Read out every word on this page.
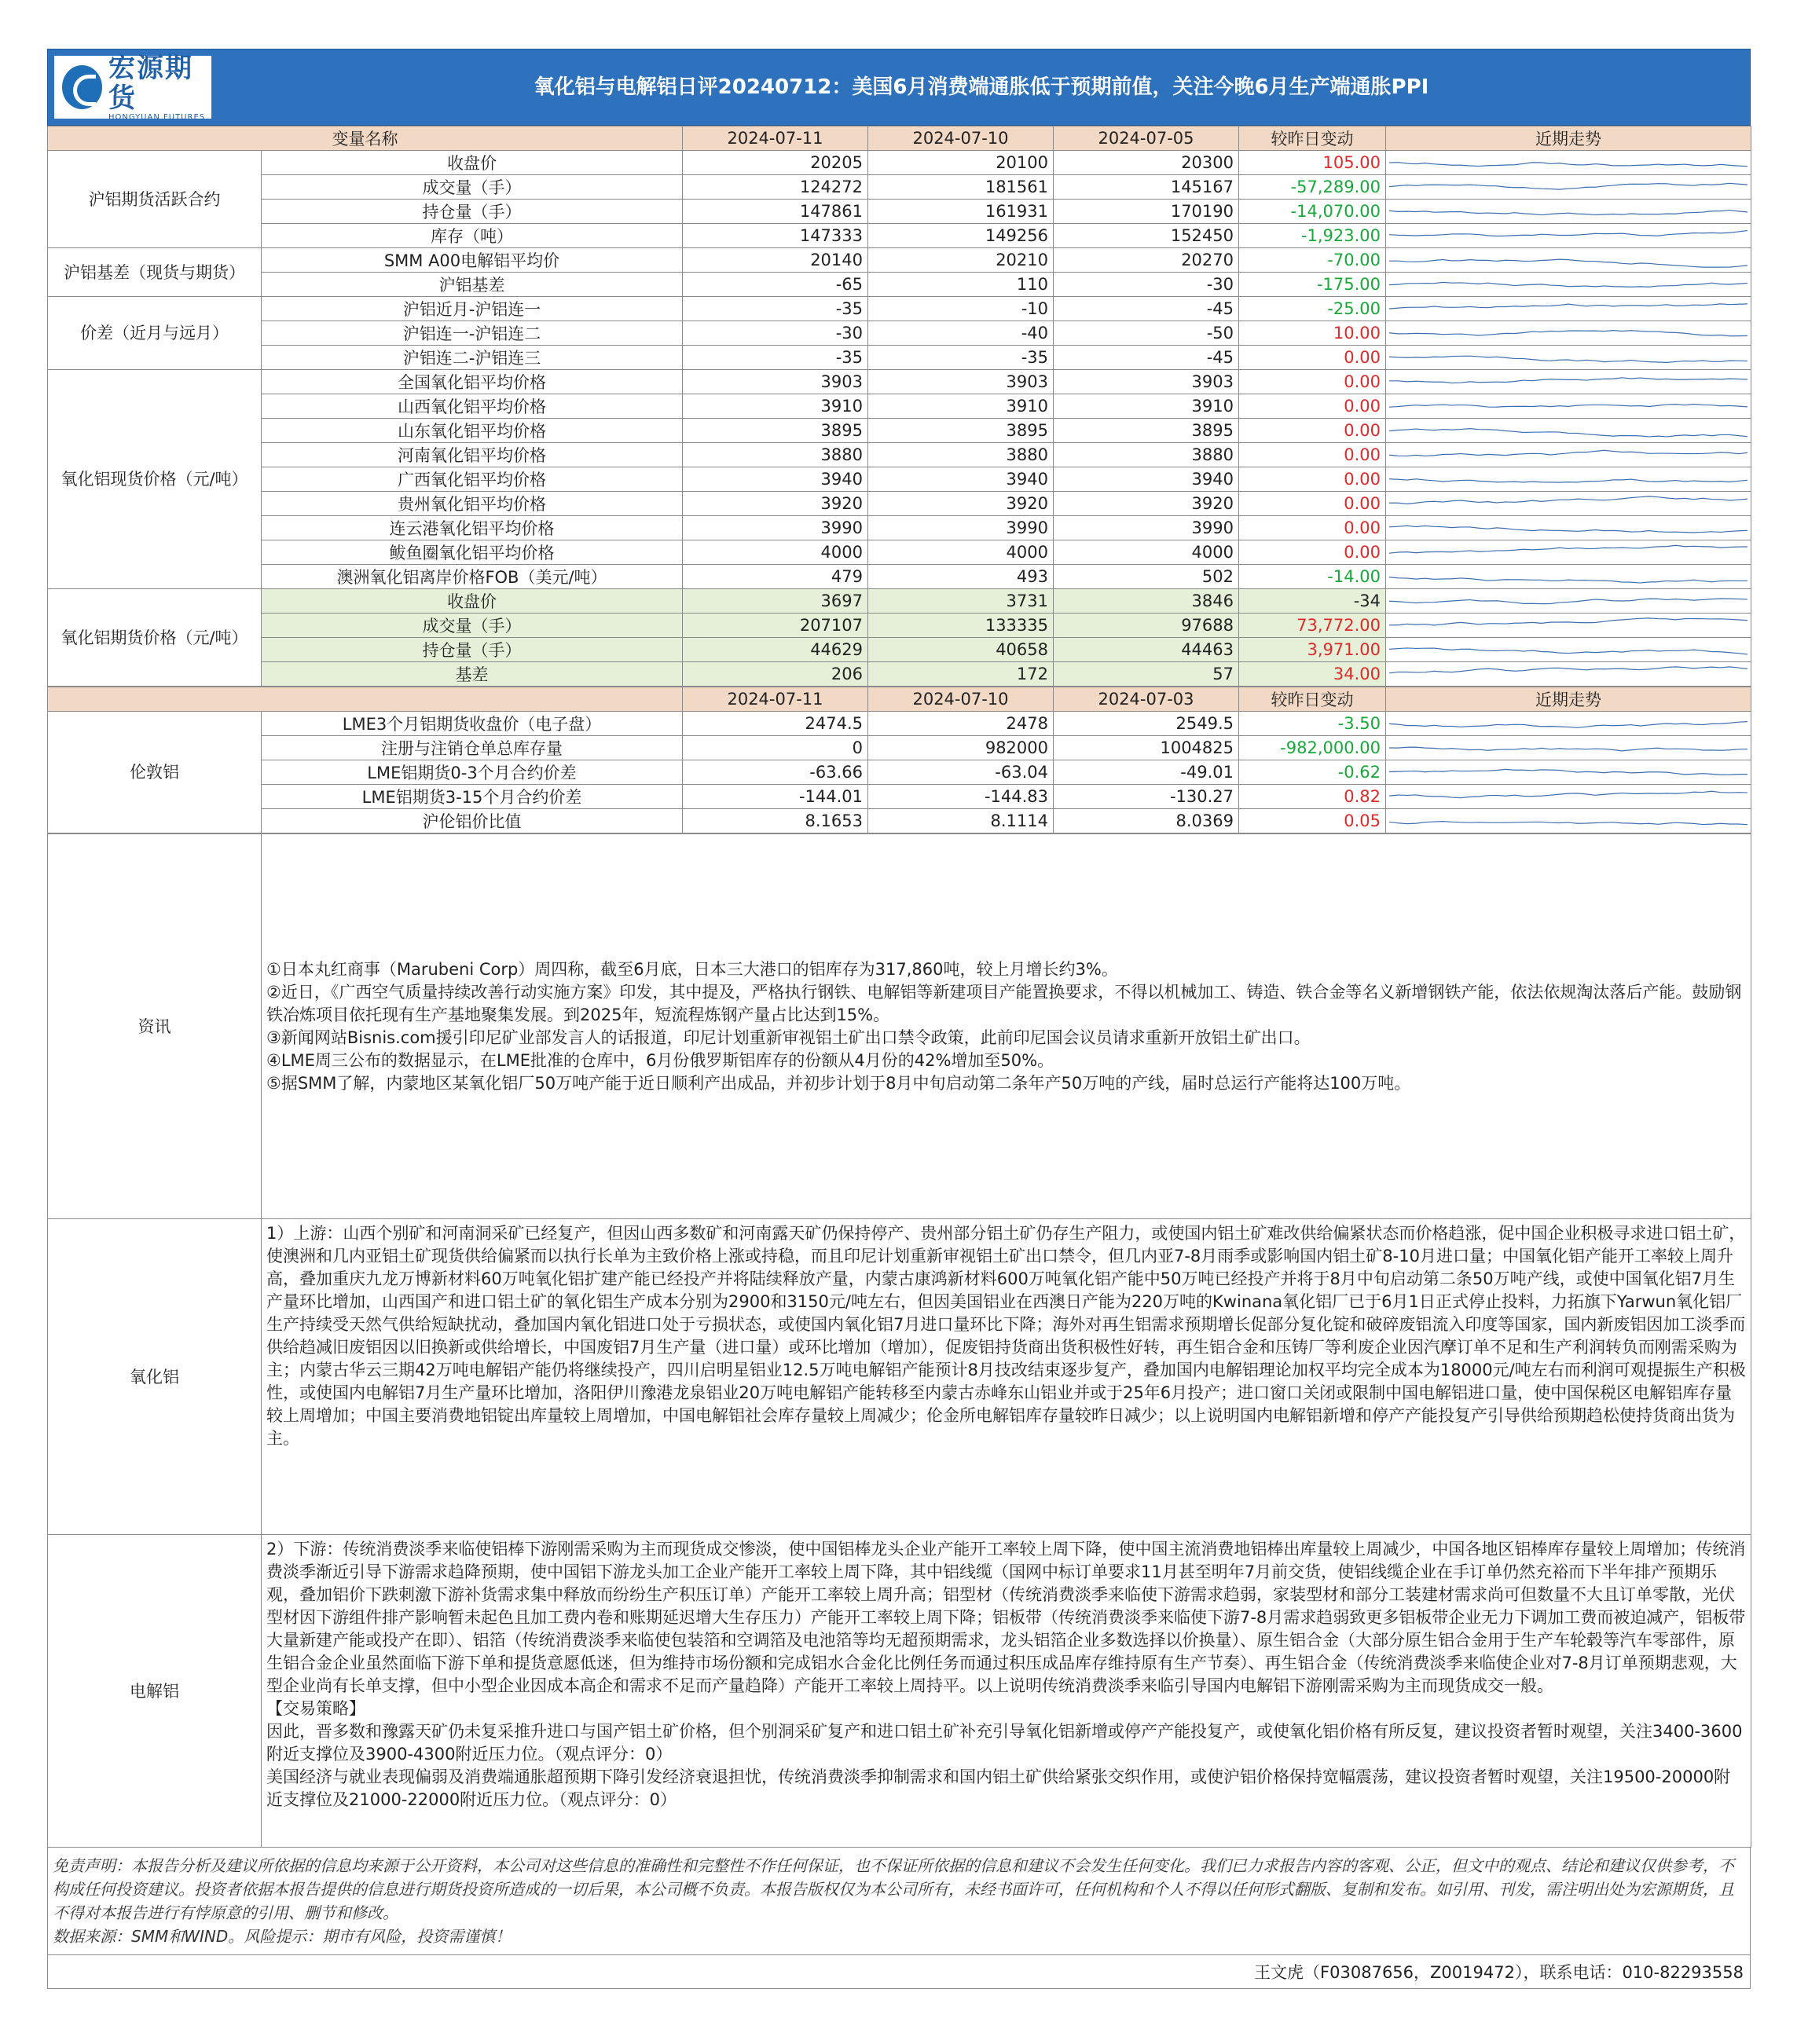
宏源期货
HONGYUAN FUTURES
氧化铝与电解铝日评20240712：美国6月消费端通胀低于预期前值，关注今晚6月生产端通胀PPI
变量名称		2024-07-11	2024-07-10	2024-07-05	较昨日变动	近期走势
沪铝期货活跃合约	收盘价	20205	20100	20300	105.00	

	成交量（手）	124272	181561	145167	-57,289.00	

	持仓量（手）	147861	161931	170190	-14,070.00	

	库存（吨）	147333	149256	152450	-1,923.00	

沪铝基差（现货与期货）	SMM A00电解铝平均价	20140	20210	20270	-70.00	

	沪铝基差	-65	110	-30	-175.00	

价差（近月与远月）	沪铝近月-沪铝连一	-35	-10	-45	-25.00	

	沪铝连一-沪铝连二	-30	-40	-50	10.00	

	沪铝连二-沪铝连三	-35	-35	-45	0.00	

氧化铝现货价格（元/吨）	全国氧化铝平均价格	3903	3903	3903	0.00	

	山西氧化铝平均价格	3910	3910	3910	0.00	

	山东氧化铝平均价格	3895	3895	3895	0.00	

	河南氧化铝平均价格	3880	3880	3880	0.00	

	广西氧化铝平均价格	3940	3940	3940	0.00	

	贵州氧化铝平均价格	3920	3920	3920	0.00	

	连云港氧化铝平均价格	3990	3990	3990	0.00	

	鲅鱼圈氧化铝平均价格	4000	4000	4000	0.00	

	澳洲氧化铝离岸价格FOB（美元/吨）	479	493	502	-14.00	

氧化铝期货价格（元/吨）	收盘价	3697	3731	3846	-34	

	成交量（手）	207107	133335	97688	73,772.00	

	持仓量（手）	44629	40658	44463	3,971.00	

	基差	206	172	57	34.00	
		2024-07-11	2024-07-10	2024-07-03	较昨日变动	近期走势
伦敦铝	LME3个月铝期货收盘价（电子盘）	2474.5	2478	2549.5	-3.50	

	注册与注销仓单总库存量	0	982000	1004825	-982,000.00	

	LME铝期货0-3个月合约价差	-63.66	-63.04	-49.01	-0.62	

	LME铝期货3-15个月合约价差	-144.01	-144.83	-130.27	0.82	

	沪伦铝价比值	8.1653	8.1114	8.0369	0.05	
资讯	①日本丸红商事（Marubeni Corp）周四称，截至6月底，日本三大港口的铝库存为317,860吨，较上月增长约3%。
②近日，《广西空气质量持续改善行动实施方案》印发，其中提及，严格执行钢铁、电解铝等新建项目产能置换要求，不得以机械加工、铸造、铁合金等名义新增钢铁产能，依法依规淘汰落后产能。鼓励钢铁冶炼项目依托现有生产基地聚集发展。到2025年，短流程炼钢产量占比达到15%。
③新闻网站Bisnis.com援引印尼矿业部发言人的话报道，印尼计划重新审视铝土矿出口禁令政策，此前印尼国会议员请求重新开放铝土矿出口。
④LME周三公布的数据显示，在LME批准的仓库中，6月份俄罗斯铝库存的份额从4月份的42%增加至50%。
⑤据SMM了解，内蒙地区某氧化铝厂50万吨产能于近日顺利产出成品，并初步计划于8月中旬启动第二条年产50万吨的产线，届时总运行产能将达100万吨。

氧化铝	1）上游：山西个别矿和河南洞采矿已经复产，但因山西多数矿和河南露天矿仍保持停产、贵州部分铝土矿仍存生产阻力，或使国内铝土矿难改供给偏紧状态而价格趋涨，促中国企业积极寻求进口铝土矿，使澳洲和几内亚铝土矿现货供给偏紧而以执行长单为主致价格上涨或持稳，而且印尼计划重新审视铝土矿出口禁令，但几内亚7-8月雨季或影响国内铝土矿8-10月进口量；中国氧化铝产能开工率较上周升高，叠加重庆九龙万博新材料60万吨氧化铝扩建产能已经投产并将陆续释放产量，内蒙古康鸿新材料600万吨氧化铝产能中50万吨已经投产并将于8月中旬启动第二条50万吨产线，或使中国氧化铝7月生产量环比增加，山西国产和进口铝土矿的氧化铝生产成本分别为2900和3150元/吨左右，但因美国铝业在西澳日产能为220万吨的Kwinana氧化铝厂已于6月1日正式停止投料，力拓旗下Yarwun氧化铝厂生产持续受天然气供给短缺扰动，叠加国内氧化铝进口处于亏损状态，或使国内氧化铝7月进口量环比下降；海外对再生铝需求预期增长促部分复化锭和破碎废铝流入印度等国家，国内新废铝因加工淡季而供给趋减旧废铝因以旧换新或供给增长，中国废铝7月生产量（进口量）或环比增加（增加），促废铝持货商出货积极性好转，再生铝合金和压铸厂等利废企业因汽摩订单不足和生产利润转负而刚需采购为主；内蒙古华云三期42万吨电解铝产能仍将继续投产，四川启明星铝业12.5万吨电解铝产能预计8月技改结束逐步复产，叠加国内电解铝理论加权平均完全成本为18000元/吨左右而利润可观提振生产积极性，或使国内电解铝7月生产量环比增加，洛阳伊川豫港龙泉铝业20万吨电解铝产能转移至内蒙古赤峰东山铝业并或于25年6月投产；进口窗口关闭或限制中国电解铝进口量，使中国保税区电解铝库存量较上周增加；中国主要消费地铝锭出库量较上周增加，中国电解铝社会库存量较上周减少；伦金所电解铝库存量较昨日减少；以上说明国内电解铝新增和停产产能投复产引导供给预期趋松使持货商出货为主。
电解铝	2）下游：传统消费淡季来临使铝棒下游刚需采购为主而现货成交惨淡，使中国铝棒龙头企业产能开工率较上周下降，使中国主流消费地铝棒出库量较上周减少，中国各地区铝棒库存量较上周增加；传统消费淡季渐近引导下游需求趋降预期，使中国铝下游龙头加工企业产能开工率较上周下降，其中铝线缆（国网中标订单要求11月甚至明年7月前交货，使铝线缆企业在手订单仍然充裕而下半年排产预期乐观，叠加铝价下跌刺激下游补货需求集中释放而纷纷生产积压订单）产能开工率较上周升高；铝型材（传统消费淡季来临使下游需求趋弱，家装型材和部分工装建材需求尚可但数量不大且订单零散，光伏型材因下游组件排产影响暂未起色且加工费内卷和账期延迟增大生存压力）产能开工率较上周下降；铝板带（传统消费淡季来临使下游7-8月需求趋弱致更多铝板带企业无力下调加工费而被迫减产，铝板带大量新建产能或投产在即）、铝箔（传统消费淡季来临使包装箔和空调箔及电池箔等均无超预期需求，龙头铝箔企业多数选择以价换量）、原生铝合金（大部分原生铝合金用于生产车轮毂等汽车零部件，原生铝合金企业虽然面临下游下单和提货意愿低迷，但为维持市场份额和完成铝水合金化比例任务而通过积压成品库存维持原有生产节奏）、再生铝合金（传统消费淡季来临使企业对7-8月订单预期悲观，大型企业尚有长单支撑，但中小型企业因成本高企和需求不足而产量趋降）产能开工率较上周持平。以上说明传统消费淡季来临引导国内电解铝下游刚需采购为主而现货成交一般。
【交易策略】
因此，晋多数和豫露天矿仍未复采推升进口与国产铝土矿价格，但个别洞采矿复产和进口铝土矿补充引导氧化铝新增或停产产能投复产，或使氧化铝价格有所反复，建议投资者暂时观望，关注3400-3600附近支撑位及3900-4300附近压力位。（观点评分：0）
美国经济与就业表现偏弱及消费端通胀超预期下降引发经济衰退担忧，传统消费淡季抑制需求和国内铝土矿供给紧张交织作用，或使沪铝价格保持宽幅震荡，建议投资者暂时观望，关注19500-20000附近支撑位及21000-22000附近压力位。（观点评分：0）
免责声明：本报告分析及建议所依据的信息均来源于公开资料，本公司对这些信息的准确性和完整性不作任何保证，也不保证所依据的信息和建议不会发生任何变化。我们已力求报告内容的客观、公正，但文中的观点、结论和建议仅供参考，不构成任何投资建议。投资者依据本报告提供的信息进行期货投资所造成的一切后果，本公司概不负责。本报告版权仅为本公司所有，未经书面许可，任何机构和个人不得以任何形式翻版、复制和发布。如引用、刊发，需注明出处为宏源期货，且不得对本报告进行有悖原意的引用、删节和修改。
数据来源：SMM和WIND。风险提示：期市有风险，投资需谨慎！
王文虎（F03087656，Z0019472），联系电话：010-82293558
